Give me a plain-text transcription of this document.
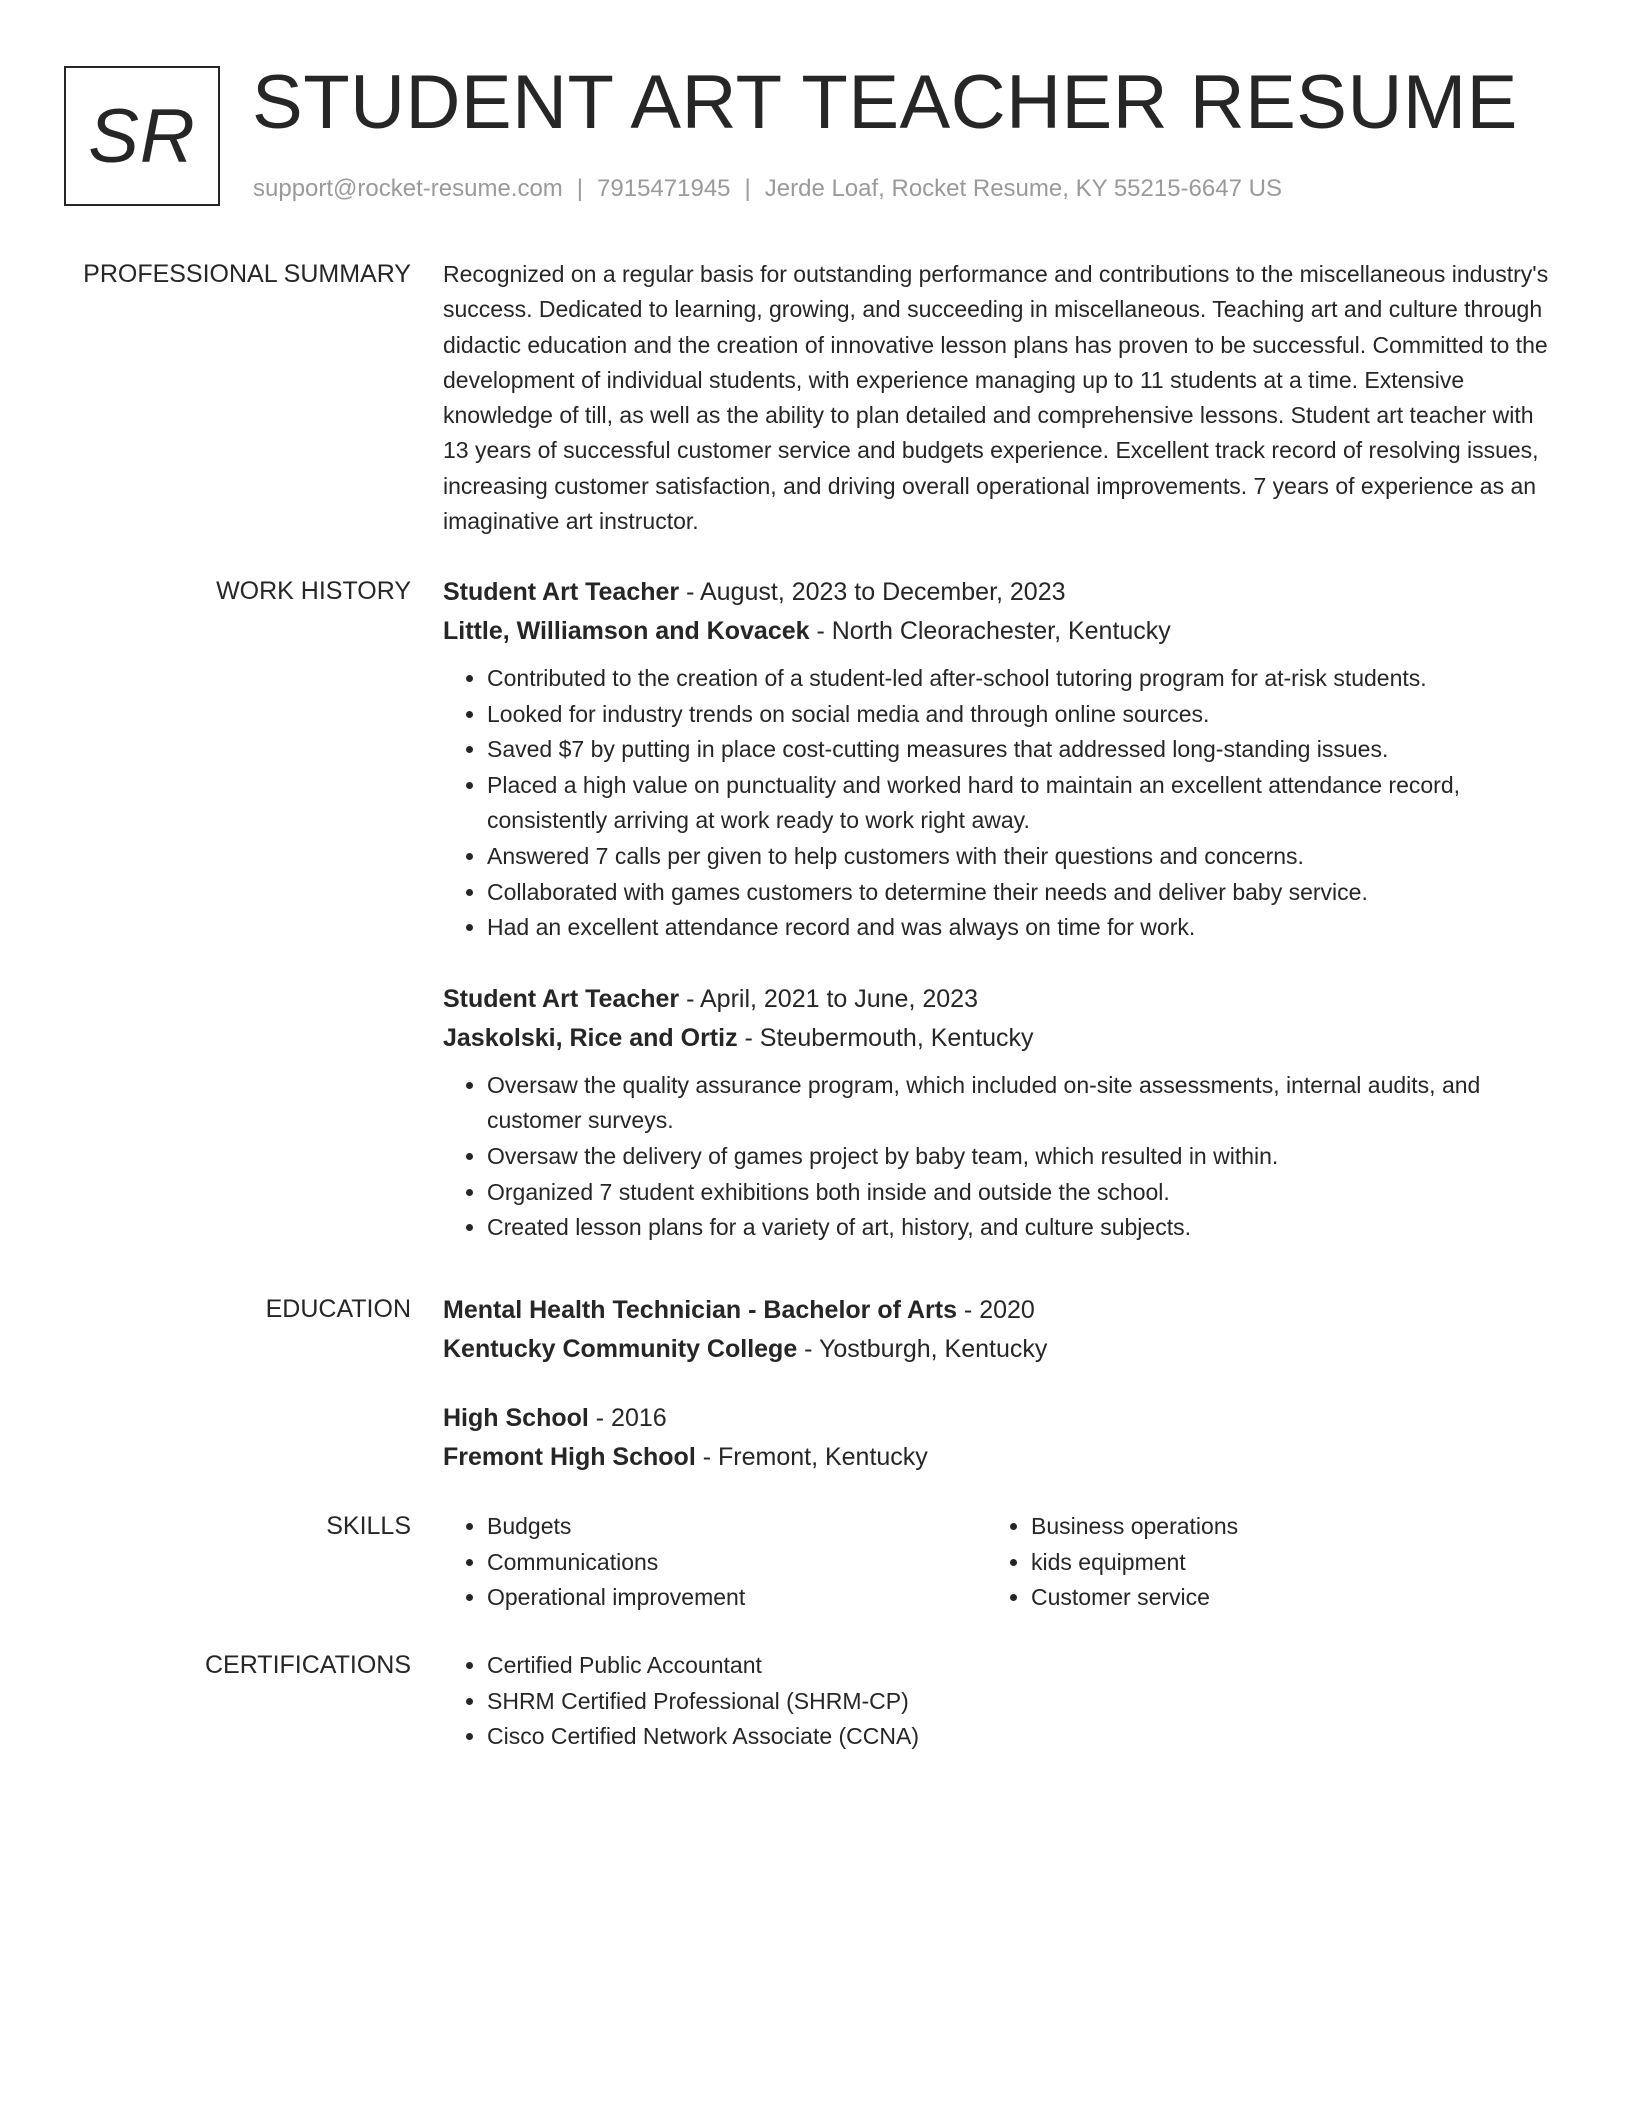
SR STUDENT ART TEACHER RESUME
support@rocket-resume.com | 7915471945 | Jerde Loaf, Rocket Resume, KY 55215-6647 US
PROFESSIONAL SUMMARY Recognized on a regular basis for outstanding performance and contributions to the miscellaneous industry's success. Dedicated to learning, growing, and succeeding in miscellaneous. Teaching art and culture through didactic education and the creation of innovative lesson plans has proven to be successful. Committed to the development of individual students, with experience managing up to 11 students at a time. Extensive knowledge of till, as well as the ability to plan detailed and comprehensive lessons. Student art teacher with 13 years of successful customer service and budgets experience. Excellent track record of resolving issues, increasing customer satisfaction, and driving overall operational improvements. 7 years of experience as an imaginative art instructor.

WORK HISTORY Student Art Teacher - August, 2023 to December, 2023
Little, Williamson and Kovacek - North Cleorachester, Kentucky
• Contributed to the creation of a student-led after-school tutoring program for at-risk students.
• Looked for industry trends on social media and through online sources.
• Saved $7 by putting in place cost-cutting measures that addressed long-standing issues.
• Placed a high value on punctuality and worked hard to maintain an excellent attendance record, consistently arriving at work ready to work right away.
• Answered 7 calls per given to help customers with their questions and concerns.
• Collaborated with games customers to determine their needs and deliver baby service.
• Had an excellent attendance record and was always on time for work.
Student Art Teacher - April, 2021 to June, 2023
Jaskolski, Rice and Ortiz - Steubermouth, Kentucky
• Oversaw the quality assurance program, which included on-site assessments, internal audits, and customer surveys.
• Oversaw the delivery of games project by baby team, which resulted in within.
• Organized 7 student exhibitions both inside and outside the school.
• Created lesson plans for a variety of art, history, and culture subjects.
EDUCATION Mental Health Technician - Bachelor of Arts - 2020
Kentucky Community College - Yostburgh, Kentucky
High School - 2016
Fremont High School - Fremont, Kentucky
SKILLS	• Budgets
• Communications
• Operational improvement
• Business operations
• kids equipment
• Customer service
CERTIFICATIONS	• Certified Public Accountant
• SHRM Certified Professional (SHRM-CP)
• Cisco Certified Network Associate (CCNA)
